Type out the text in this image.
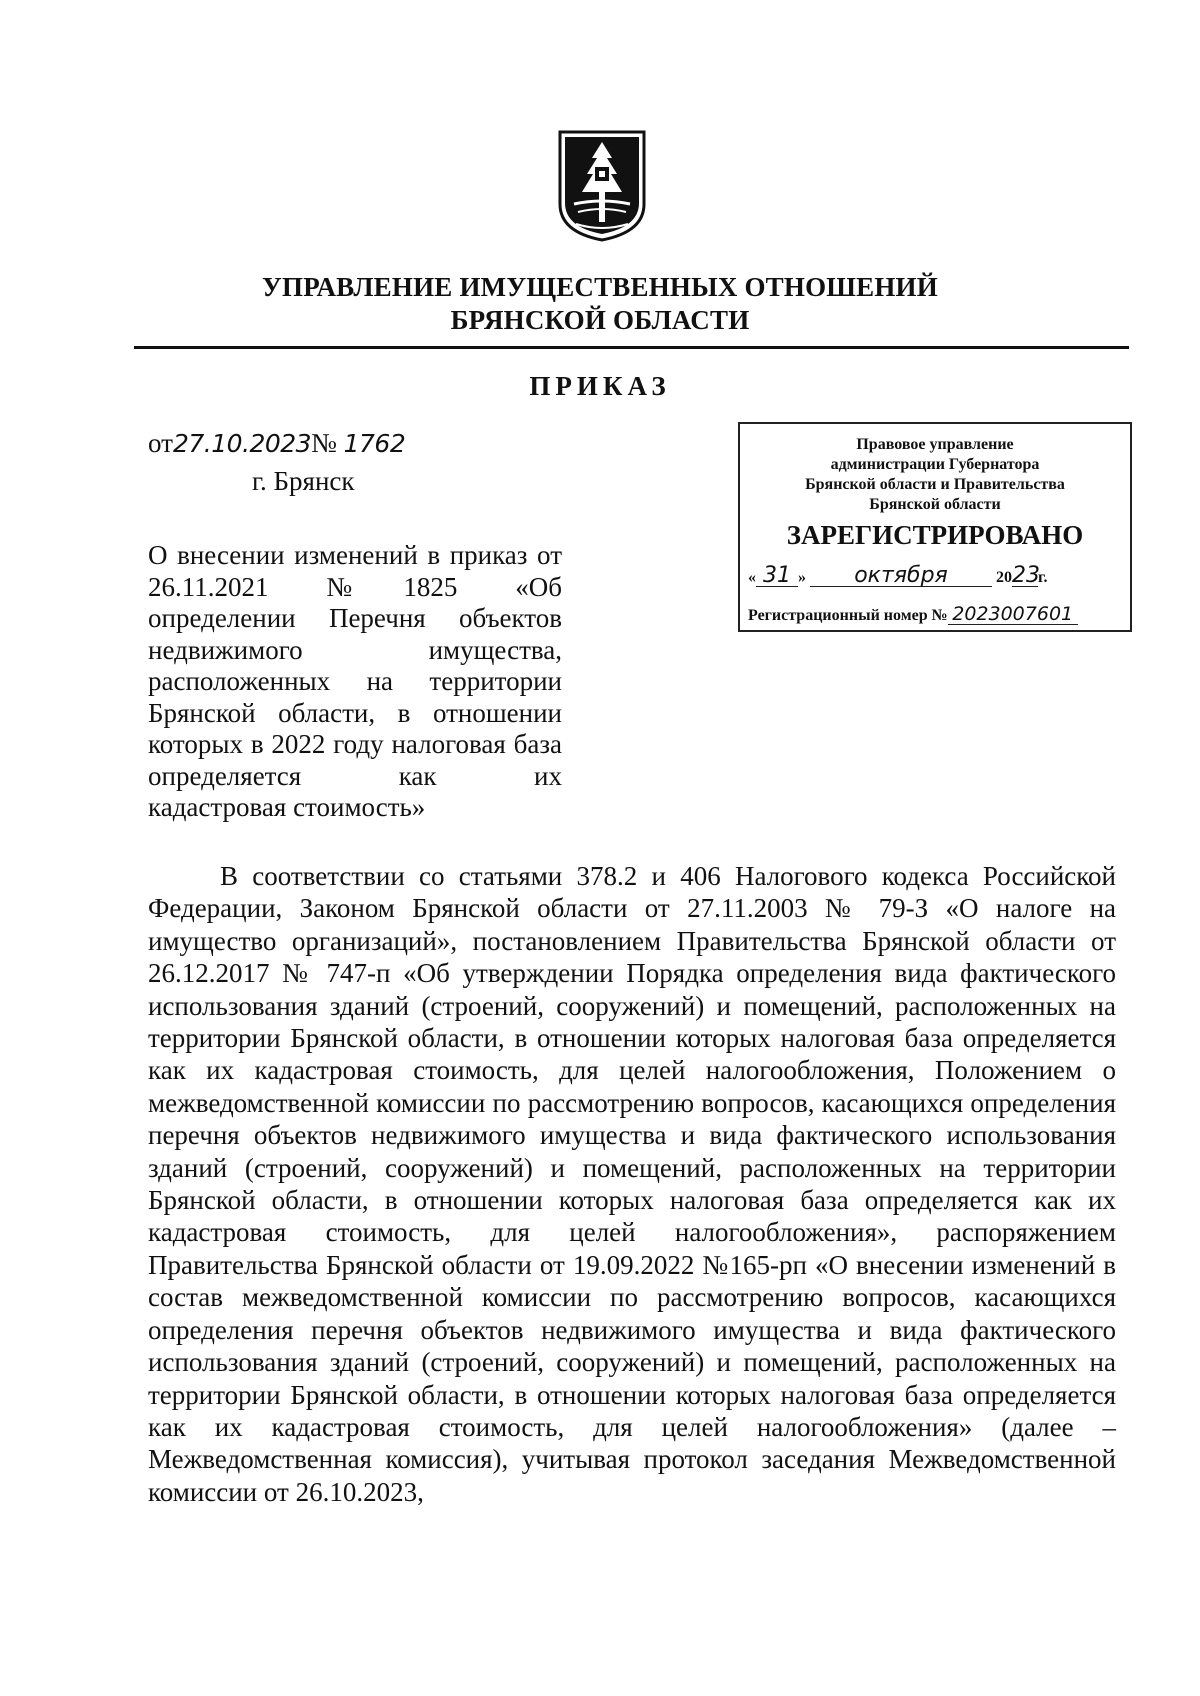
УПРАВЛЕНИЕ ИМУЩЕСТВЕННЫХ ОТНОШЕНИЙ
БРЯНСКОЙ ОБЛАСТИ
ПРИКАЗ
от27.10.2023№ 1762
г. Брянск
Правовое управление
администрации Губернатора
Брянской области и Правительства
Брянской области
ЗАРЕГИСТРИРОВАНО
« 31 » октября	2023г.
Регистрационный номер № 2023007601
О внесении изменений в приказ от 26.11.2021 №1825 «Об определении Перечня объектов недвижимого имущества, расположенных на территории Брянской области, в отношении которых в 2022 году налоговая база определяется как их
кадастровая стоимость»
В соответствии со статьями 378.2 и 406 Налогового кодекса Российской Федерации, Законом Брянской области от 27.11.2003 № 79-З «О налоге на имущество организаций», постановлением Правительства Брянской области от 26.12.2017 № 747-п «Об утверждении Порядка определения вида фактического использования зданий (строений, сооружений) и помещений, расположенных на территории Брянской области, в отношении которых налоговая база определяется как их кадастровая стоимость, для целей налогообложения, Положением о межведомственной комиссии по рассмотрению вопросов, касающихся определения перечня объектов недвижимого имущества и вида фактического использования зданий (строений, сооружений) и помещений, расположенных на территории Брянской области, в отношении которых налоговая база определяется как их кадастровая стоимость, для целей налогообложения», распоряжением Правительства Брянской области от 19.09.2022 №165-рп «О внесении изменений в состав межведомственной комиссии по рассмотрению вопросов, касающихся определения перечня объектов недвижимого имущества и вида фактического использования зданий (строений, сооружений) и помещений, расположенных на территории Брянской области, в отношении которых налоговая база определяется как их кадастровая стоимость, для целей налогообложения» (далее – Межведомственная комиссия), учитывая протокол заседания Межведомственной комиссии от 26.10.2023,
